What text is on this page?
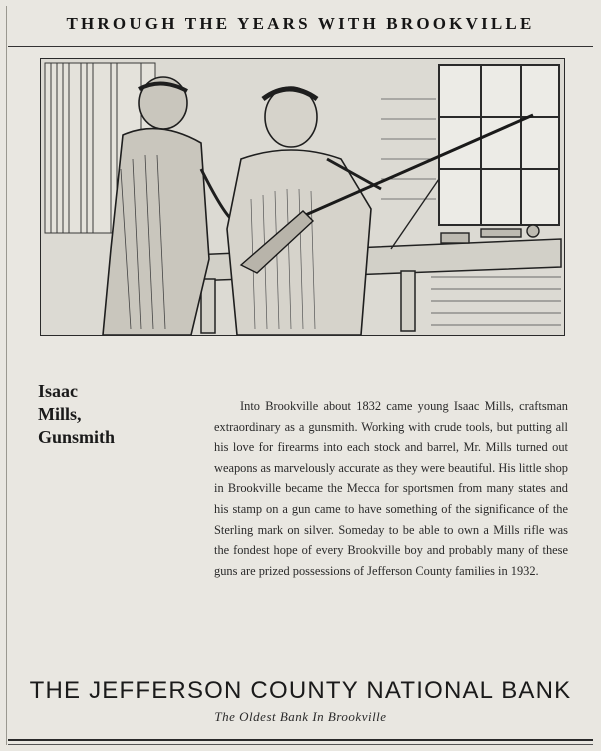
THROUGH THE YEARS WITH BROOKVILLE
Isaac
Mills,
Gunsmith
Into Brookville about 1832 came young Isaac Mills, craftsman extraordinary as a gunsmith. Working with crude tools, but putting all his love for firearms into each stock and barrel, Mr. Mills turned out weapons as marvelously accurate as they were beautiful. His little shop in Brookville became the Mecca for sportsmen from many states and his stamp on a gun came to have something of the significance of the Sterling mark on silver. Someday to be able to own a Mills rifle was the fondest hope of every Brookville boy and probably many of these guns are prized possessions of Jefferson County families in 1932.
THE JEFFERSON COUNTY NATIONAL BANK
The Oldest Bank In Brookville
